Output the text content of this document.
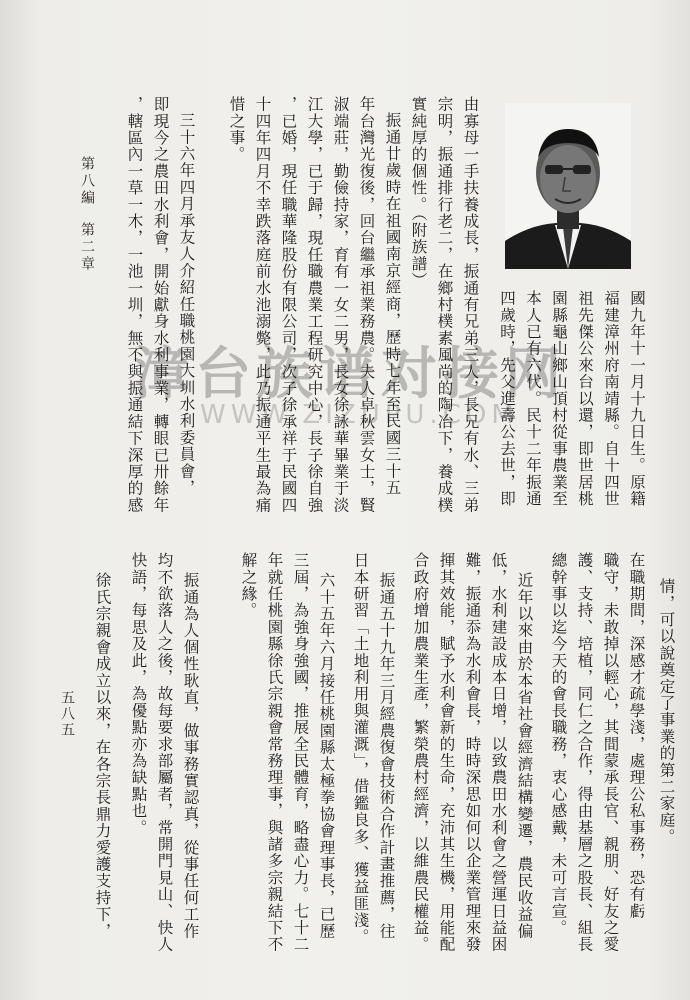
國九年十一月十九日生。原籍
福建漳州府南靖縣。自十四世
祖先傑公來台以還，即世居桃
園縣龜山鄉山頂村從事農業至
本人已有六代。民十二年振通
四歲時，先父進壽公去世，即
由寡母一手扶養成長，振通有兄弟三人，長兄有水、三弟
宗明，振通排行老二，在鄉村樸素風尚的陶冶下，養成樸
實純厚的個性。（附族譜）
振通廿歲時在祖國南京經商，歷時七年至民國三十五
年台灣光復後，回台繼承祖業務農。夫人卓秋雲女士，賢
淑端莊，勤儉持家，育有一女二男，長女徐詠華畢業于淡
江大學，已于歸，現任職農業工程研究中心，長子徐自強
，已婚，現任職華隆股份有限公司，次子徐承祥于民國四
十四年四月不幸跌落庭前水池溺斃，此乃振通平生最為痛
惜之事。
三十六年四月承友人介紹任職桃園大圳水利委員會，
即現今之農田水利會，開始獻身水利事業，轉眼已卅餘年
，轄區內一草一木，一池一圳，無不與振通結下深厚的感
情，可以說奠定了事業的第二家庭。
在職期間，深感才疏學淺，處理公私事務，恐有虧
職守，未敢掉以輕心，其間蒙承長官、親朋、好友之愛
護、支持、培植，同仁之合作，得由基層之股長、組長
總幹事以迄今天的會長職務，衷心感戴，未可言宣。
近年以來由於本省社會經濟結構變遷，農民收益偏
低，水利建設成本日增，以致農田水利會之營運日益困
難，振通忝為水利會長，時時深思如何以企業管理來發
揮其效能，賦予水利會新的生命，充沛其生機，用能配
合政府增加農業生產，繁榮農村經濟，以維農民權益。
振通五十九年三月經農復會技術合作計畫推薦，往
日本研習「土地利用與灌溉」，借鑑良多、獲益匪淺。
六十五年六月接任桃園縣太極拳協會理事長，已歷
三屆，為強身強國，推展全民體育，略盡心力。七十二
年就任桃園縣徐氏宗親會常務理事，與諸多宗親結下不
解之緣。
振通為人個性耿直，做事務實認真，從事任何工作
均不欲落人之後，故每要求部屬者，常開門見山、快人
快語，每思及此，為優點亦為缺點也。
徐氏宗親會成立以來，在各宗長鼎力愛護支持下，
第八編
第二章
五八五
漳台族谱对接网
WWW.ZIZUPU.COM
